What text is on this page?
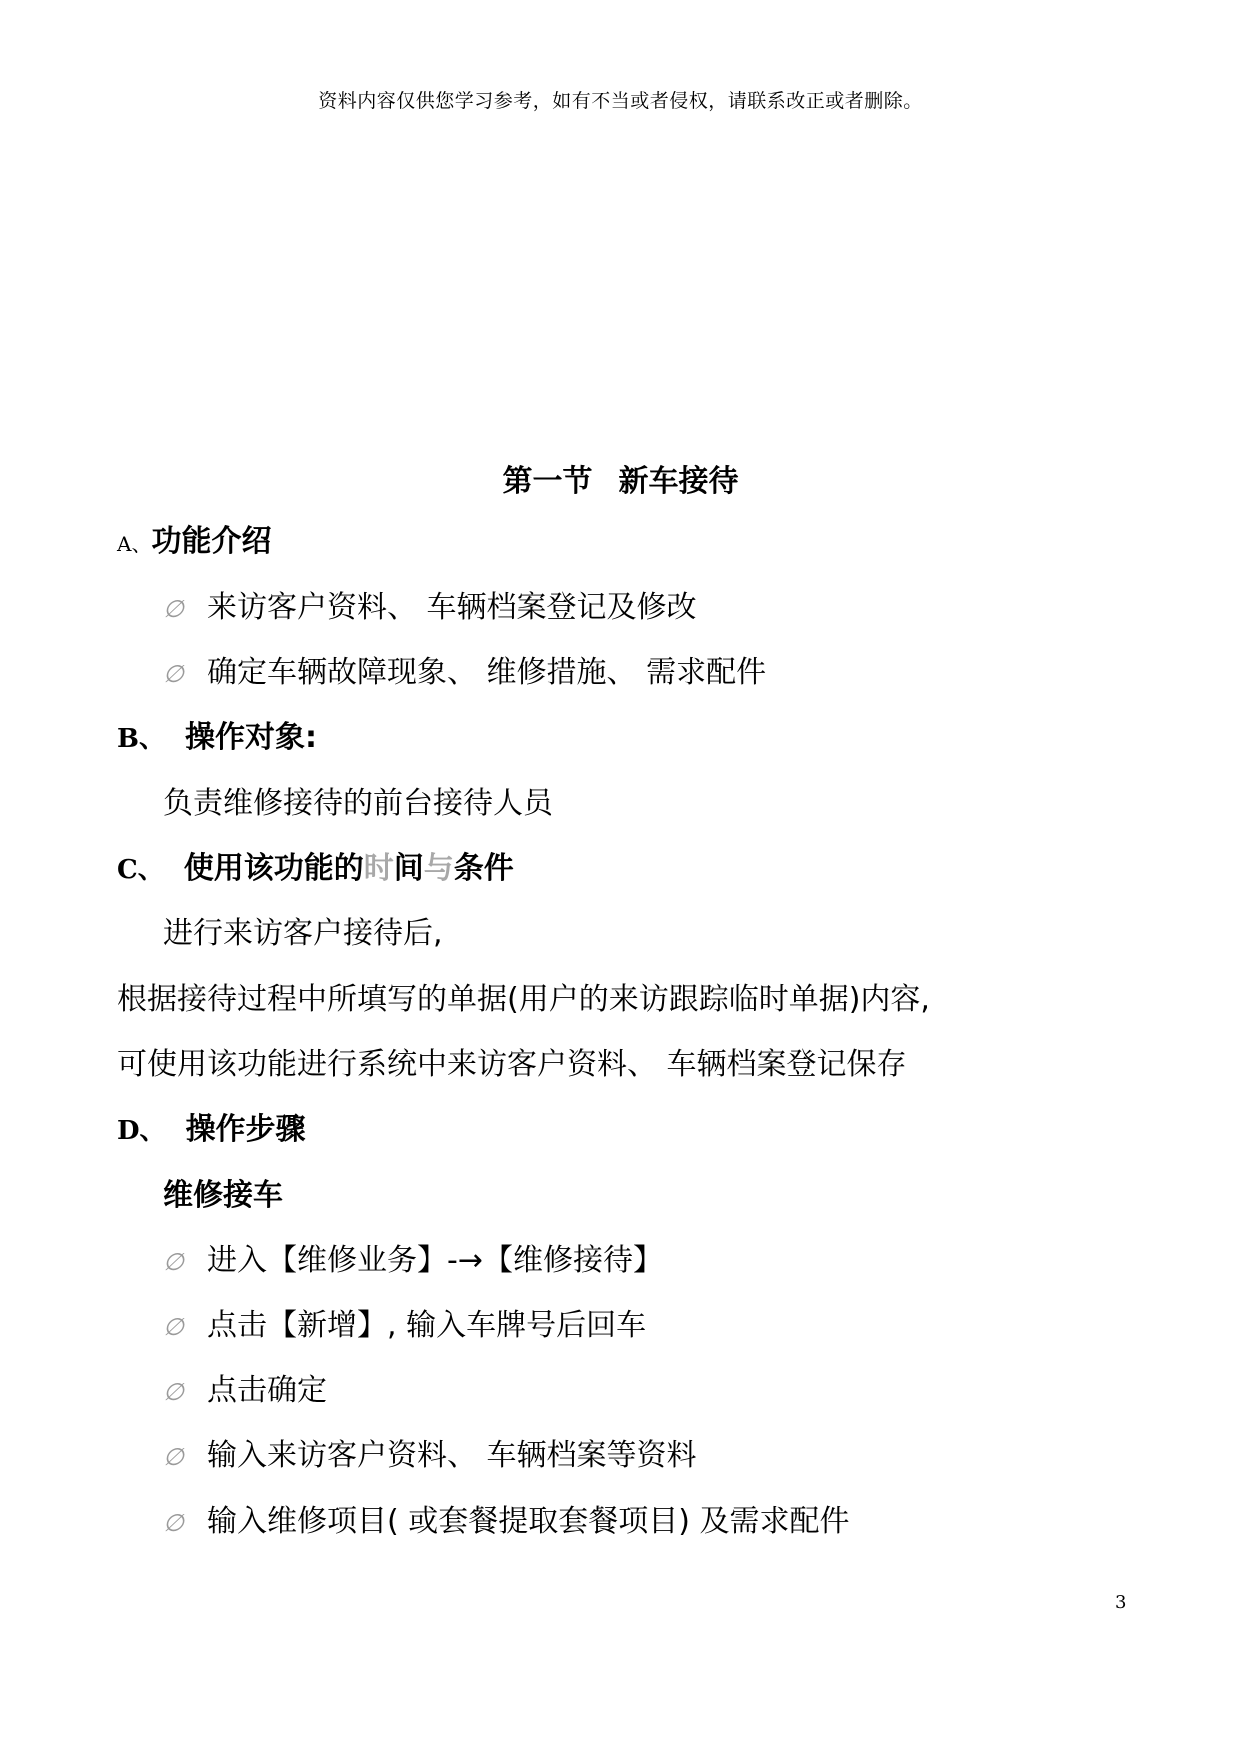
资料内容仅供您学习参考，如有不当或者侵权，请联系改正或者删除。
第一节 新车接待
A、功能介绍
∅ 来访客户资料、 车辆档案登记及修改
∅ 确定车辆故障现象、 维修措施、 需求配件
B、 操作对象:
负责维修接待的前台接待人员
C、 使用该功能的时间与条件
进行来访客户接待后,
根据接待过程中所填写的单据(用户的来访跟踪临时单据)内容,
可使用该功能进行系统中来访客户资料、 车辆档案登记保存
D、 操作步骤
维修接车
∅ 进入【维修业务】-→【维修接待】
∅ 点击【新增】, 输入车牌号后回车
∅ 点击确定
∅ 输入来访客户资料、 车辆档案等资料
∅ 输入维修项目( 或套餐提取套餐项目) 及需求配件
3
